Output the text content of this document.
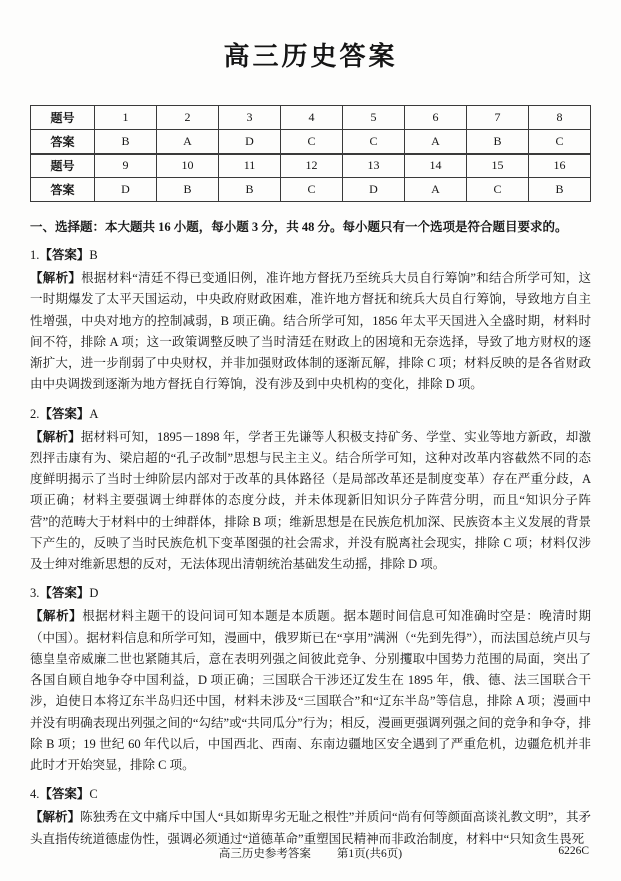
高三历史答案
题号	1	2	3	4	5	6	7	8
答案	B	A	D	C	C	A	B	C
题号	9	10	11	12	13	14	15	16
答案	D	B	B	C	D	A	C	B

一、选择题：本大题共 16 小题，每小题 3 分，共 48 分。每小题只有一个选项是符合题目要求的。

1.【答案】B

【解析】根据材料“清廷不得已变通旧例，准许地方督抚乃至统兵大员自行筹饷”和结合所学可知，这一时期爆发了太平天国运动，中央政府财政困难，准许地方督抚和统兵大员自行筹饷，导致地方自主性增强，中央对地方的控制减弱，B 项正确。结合所学可知，1856 年太平天国进入全盛时期，材料时间不符，排除 A 项；这一政策调整反映了当时清廷在财政上的困境和无奈选择，导致了地方财权的逐渐扩大，进一步削弱了中央财权，并非加强财政体制的逐渐瓦解，排除 C 项；材料反映的是各省财政由中央调拨到逐渐为地方督抚自行筹饷，没有涉及到中央机构的变化，排除 D 项。

2.【答案】A

【解析】据材料可知，1895－1898 年，学者王先谦等人积极支持矿务、学堂、实业等地方新政，却激烈抨击康有为、梁启超的“孔子改制”思想与民主主义。结合所学可知，这种对改革内容截然不同的态度鲜明揭示了当时士绅阶层内部对于改革的具体路径（是局部改革还是制度变革）存在严重分歧，A 项正确；材料主要强调士绅群体的态度分歧，并未体现新旧知识分子阵营分明，而且“知识分子阵营”的范畴大于材料中的士绅群体，排除 B 项；维新思想是在民族危机加深、民族资本主义发展的背景下产生的，反映了当时民族危机下变革图强的社会需求，并没有脱离社会现实，排除 C 项；材料仅涉及士绅对维新思想的反对，无法体现出清朝统治基础发生动摇，排除 D 项。

3.【答案】D

【解析】根据材料主题干的设问词可知本题是本质题。据本题时间信息可知准确时空是：晚清时期（中国）。据材料信息和所学可知，漫画中，俄罗斯已在“享用”满洲（“先到先得”），而法国总统卢贝与德皇皇帝威廉二世也紧随其后，意在表明列强之间彼此竞争、分别攫取中国势力范围的局面，突出了各国自顾自地争夺中国利益，D 项正确；三国联合干涉还辽发生在 1895 年，俄、德、法三国联合干涉，迫使日本将辽东半岛归还中国，材料未涉及“三国联合”和“辽东半岛”等信息，排除 A 项；漫画中并没有明确表现出列强之间的“勾结”或“共同瓜分”行为；相反，漫画更强调列强之间的竞争和争夺，排除 B 项；19 世纪 60 年代以后，中国西北、西南、东南边疆地区安全遇到了严重危机，边疆危机并非此时才开始突显，排除 C 项。

4.【答案】C

【解析】陈独秀在文中痛斥中国人“具如斯卑劣无耻之根性”并质问“尚有何等颜面高谈礼教文明”，其矛头直指传统道德虚伪性，强调必须通过“道德革命”重塑国民精神而非政治制度，材料中“只知贪生畏死

高三历史参考答案 第1页(共6页)	6226C
